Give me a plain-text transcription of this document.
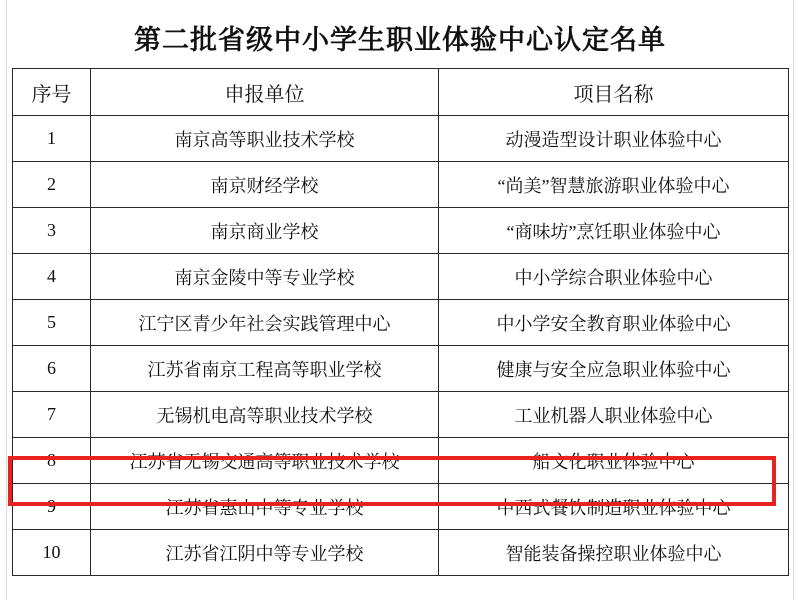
第二批省级中小学生职业体验中心认定名单
序号	申报单位	项目名称
1	南京高等职业技术学校	动漫造型设计职业体验中心
2	南京财经学校	“尚美”智慧旅游职业体验中心
3	南京商业学校	“商味坊”烹饪职业体验中心
4	南京金陵中等专业学校	中小学综合职业体验中心
5	江宁区青少年社会实践管理中心	中小学安全教育职业体验中心
6	江苏省南京工程高等职业学校	健康与安全应急职业体验中心
7	无锡机电高等职业技术学校	工业机器人职业体验中心
8	江苏省无锡交通高等职业技术学校	船文化职业体验中心
9	江苏省惠山中等专业学校	中西式餐饮制造职业体验中心
10	江苏省江阴中等专业学校	智能装备操控职业体验中心
